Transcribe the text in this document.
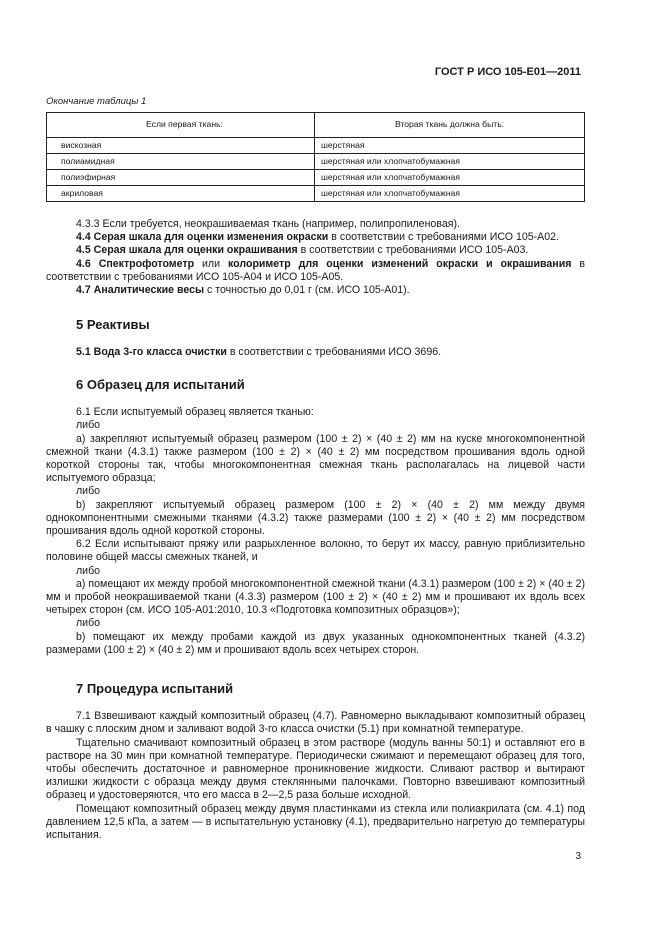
ГОСТ Р ИСО 105-E01—2011
Окончание таблицы 1
Если первая ткань:	Вторая ткань должна быть:
вискозная	шерстяная
полиамидная	шерстяная или хлопчатобумажная
полиэфирная	шерстяная или хлопчатобумажная
акриловая	шерстяная или хлопчатобумажная
4.3.3 Если требуется, неокрашиваемая ткань (например, полипропиленовая).
4.4 Серая шкала для оценки изменения окраски в соответствии с требованиями ИСО 105-A02.
4.5 Серая шкала для оценки окрашивания в соответствии с требованиями ИСО 105-A03.
4.6 Спектрофотометр или колориметр для оценки изменений окраски и окрашивания в соответствии с требованиями ИСО 105-A04 и ИСО 105-A05.
4.7 Аналитические весы с точностью до 0,01 г (см. ИСО 105-A01).
5 Реактивы
5.1 Вода 3-го класса очистки в соответствии с требованиями ИСО 3696.
6 Образец для испытаний
6.1 Если испытуемый образец является тканью:
либо
а) закрепляют испытуемый образец размером (100 ± 2) × (40 ± 2) мм на куске многокомпонентной смежной ткани (4.3.1) также размером (100 ± 2) × (40 ± 2) мм посредством прошивания вдоль одной короткой стороны так, чтобы многокомпонентная смежная ткань располагалась на лицевой части испытуемого образца;
либо
b) закрепляют испытуемый образец размером (100 ± 2) × (40 ± 2) мм между двумя однокомпонентными смежными тканями (4.3.2) также размерами (100 ± 2) × (40 ± 2) мм посредством прошивания вдоль одной короткой стороны.
6.2 Если испытывают пряжу или разрыхленное волокно, то берут их массу, равную приблизительно половине общей массы смежных тканей, и
либо
а) помещают их между пробой многокомпонентной смежной ткани (4.3.1) размером (100 ± 2) × (40 ± 2) мм и пробой неокрашиваемой ткани (4.3.3) размером (100 ± 2) × (40 ± 2) мм и прошивают их вдоль всех четырех сторон (см. ИСО 105-A01:2010, 10.3 «Подготовка композитных образцов»);
либо
b) помещают их между пробами каждой из двух указанных однокомпонентных тканей (4.3.2) размерами (100 ± 2) × (40 ± 2) мм и прошивают вдоль всех четырех сторон.
7 Процедура испытаний
7.1 Взвешивают каждый композитный образец (4.7). Равномерно выкладывают композитный образец в чашку с плоским дном и заливают водой 3-го класса очистки (5.1) при комнатной температуре.
Тщательно смачивают композитный образец в этом растворе (модуль ванны 50:1) и оставляют его в растворе на 30 мин при комнатной температуре. Периодически сжимают и перемещают образец для того, чтобы обеспечить достаточное и равномерное проникновение жидкости. Сливают раствор и вытирают излишки жидкости с образца между двумя стеклянными палочками. Повторно взвешивают композитный образец и удостоверяются, что его масса в 2—2,5 раза больше исходной.
Помещают композитный образец между двумя пластинками из стекла или полиакрилата (см. 4.1) под давлением 12,5 кПа, а затем — в испытательную установку (4.1), предварительно нагретую до температуры испытания.
3
